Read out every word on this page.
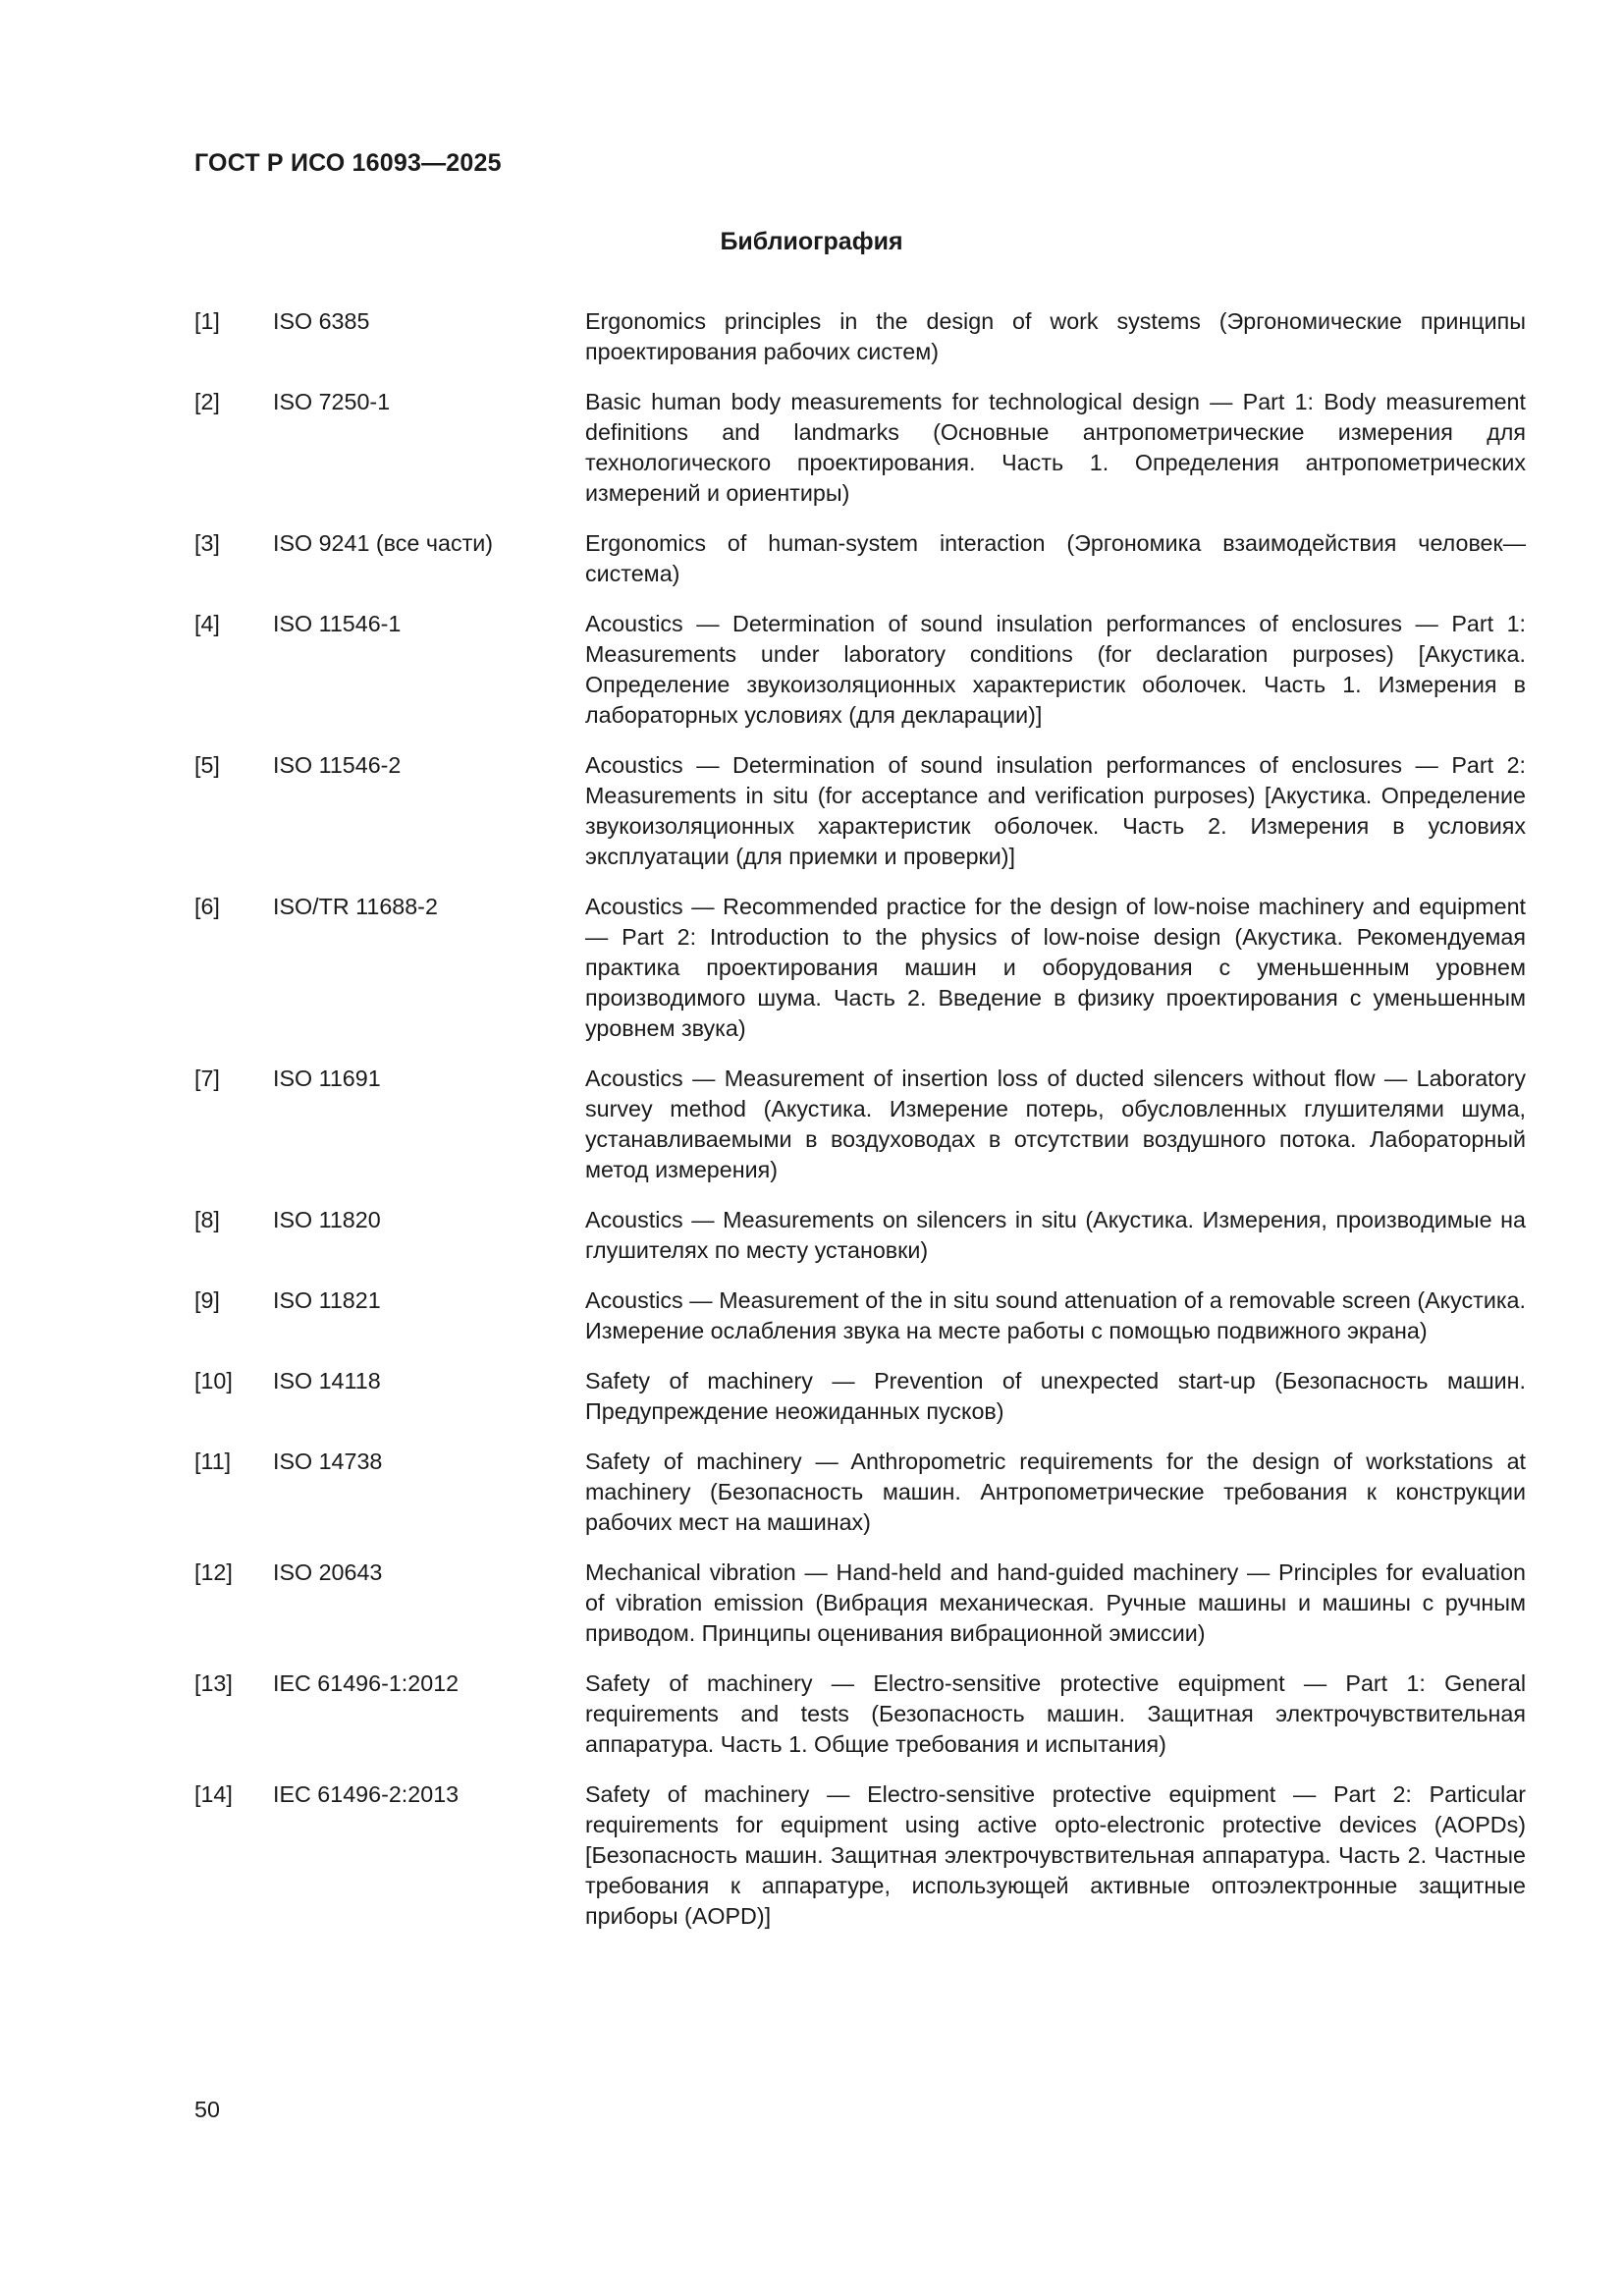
ГОСТ Р ИСО 16093—2025
Библиография
[1]	ISO 6385	Ergonomics principles in the design of work systems (Эргономические принципы проектирования рабочих систем)
[2]	ISO 7250-1	Basic human body measurements for technological design — Part 1: Body measurement definitions and landmarks (Основные антропометрические измерения для технологического проектирования. Часть 1. Определения антропометрических измерений и ориентиры)
[3]	ISO 9241 (все части)	Ergonomics of human-system interaction (Эргономика взаимодействия человек—система)
[4]	ISO 11546-1	Acoustics — Determination of sound insulation performances of enclosures — Part 1: Measurements under laboratory conditions (for declaration purposes) [Акустика. Определение звукоизоляционных характеристик оболочек. Часть 1. Измерения в лабораторных условиях (для декларации)]
[5]	ISO 11546-2	Acoustics — Determination of sound insulation performances of enclosures — Part 2: Measurements in situ (for acceptance and verification purposes) [Акустика. Определение звукоизоляционных характеристик оболочек. Часть 2. Измерения в условиях эксплуатации (для приемки и проверки)]
[6]	ISO/TR 11688-2	Acoustics — Recommended practice for the design of low-noise machinery and equipment — Part 2: Introduction to the physics of low-noise design (Акустика. Рекомендуемая практика проектирования машин и оборудования с уменьшенным уровнем производимого шума. Часть 2. Введение в физику проектирования с уменьшенным уровнем звука)
[7]	ISO 11691	Acoustics — Measurement of insertion loss of ducted silencers without flow — Laboratory survey method (Акустика. Измерение потерь, обусловленных глушителями шума, устанавливаемыми в воздуховодах в отсутствии воздушного потока. Лабораторный метод измерения)
[8]	ISO 11820	Acoustics — Measurements on silencers in situ (Акустика. Измерения, производимые на глушителях по месту установки)
[9]	ISO 11821	Acoustics — Measurement of the in situ sound attenuation of a removable screen (Акустика. Измерение ослабления звука на месте работы с помощью подвижного экрана)
[10]	ISO 14118	Safety of machinery — Prevention of unexpected start-up (Безопасность машин. Предупреждение неожиданных пусков)
[11]	ISO 14738	Safety of machinery — Anthropometric requirements for the design of workstations at machinery (Безопасность машин. Антропометрические требования к конструкции рабочих мест на машинах)
[12]	ISO 20643	Mechanical vibration — Hand-held and hand-guided machinery — Principles for evaluation of vibration emission (Вибрация механическая. Ручные машины и машины с ручным приводом. Принципы оценивания вибрационной эмиссии)
[13]	IEC 61496-1:2012	Safety of machinery — Electro-sensitive protective equipment — Part 1: General requirements and tests (Безопасность машин. Защитная электрочувствительная аппаратура. Часть 1. Общие требования и испытания)
[14]	IEC 61496-2:2013	Safety of machinery — Electro-sensitive protective equipment — Part 2: Particular requirements for equipment using active opto-electronic protective devices (AOPDs) [Безопасность машин. Защитная электрочувствительная аппаратура. Часть 2. Частные требования к аппаратуре, использующей активные оптоэлектронные защитные приборы (AOPD)]
50
